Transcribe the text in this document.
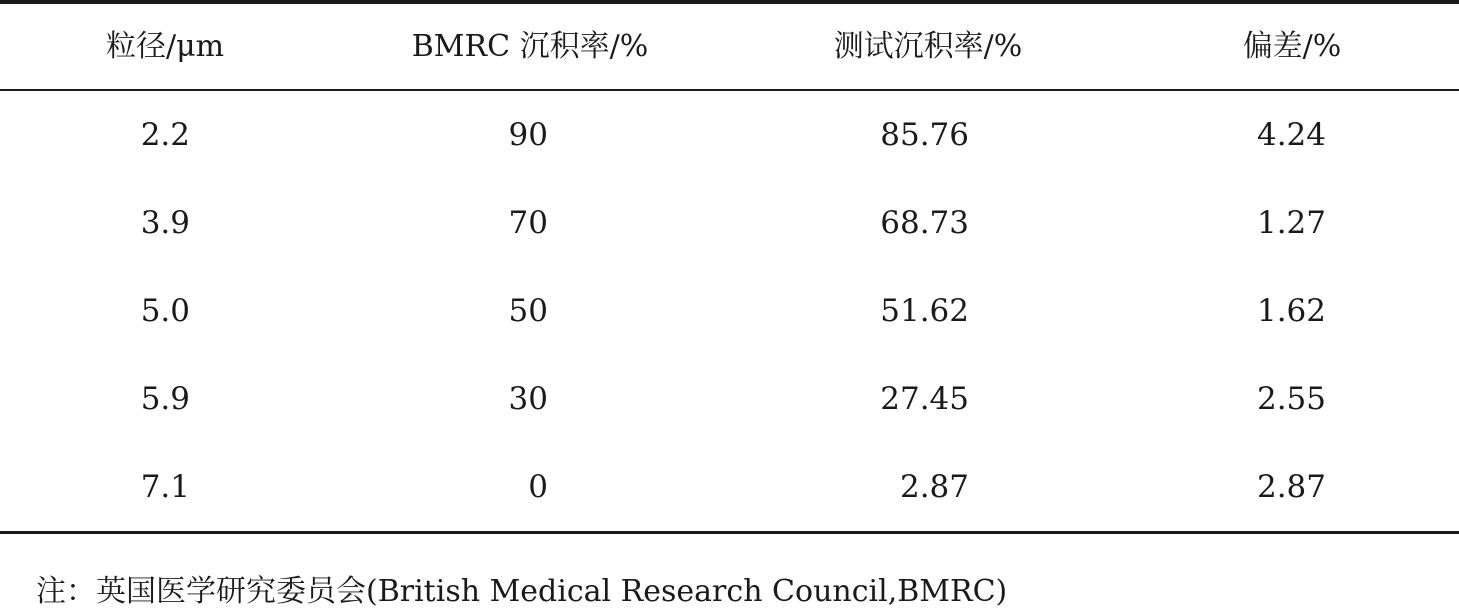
粒径/μm	BMRC 沉积率/%	测试沉积率/%	偏差/%
2.2	90	85.76	4.24
3.9	70	68.73	1.27
5.0	50	51.62	1.62
5.9	30	27.45	2.55
7.1	0	2.87	2.87
注：英国医学研究委员会(British Medical Research Council,BMRC)
